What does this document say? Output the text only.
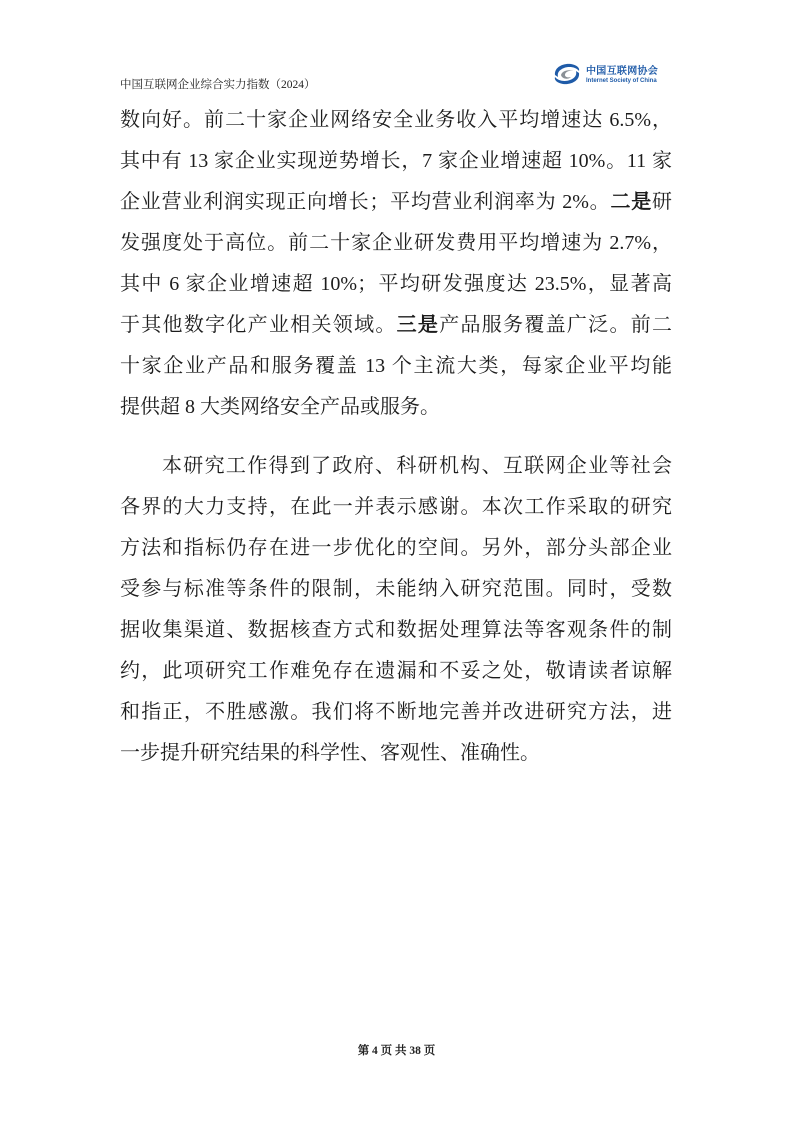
中国互联网企业综合实力指数（2024）
中国互联网协会
Internet Society of China
数向好。前二十家企业网络安全业务收入平均增速达 6.5%，
其中有 13 家企业实现逆势增长，7 家企业增速超 10%。11 家
企业营业利润实现正向增长；平均营业利润率为 2%。二是研
发强度处于高位。前二十家企业研发费用平均增速为 2.7%，
其中 6 家企业增速超 10%；平均研发强度达 23.5%，显著高
于其他数字化产业相关领域。三是产品服务覆盖广泛。前二
十家企业产品和服务覆盖 13 个主流大类，每家企业平均能
提供超 8 大类网络安全产品或服务。
本研究工作得到了政府、科研机构、互联网企业等社会
各界的大力支持，在此一并表示感谢。本次工作采取的研究
方法和指标仍存在进一步优化的空间。另外，部分头部企业
受参与标准等条件的限制，未能纳入研究范围。同时，受数
据收集渠道、数据核查方式和数据处理算法等客观条件的制
约，此项研究工作难免存在遗漏和不妥之处，敬请读者谅解
和指正，不胜感激。我们将不断地完善并改进研究方法，进
一步提升研究结果的科学性、客观性、准确性。
第 4 页 共 38 页
